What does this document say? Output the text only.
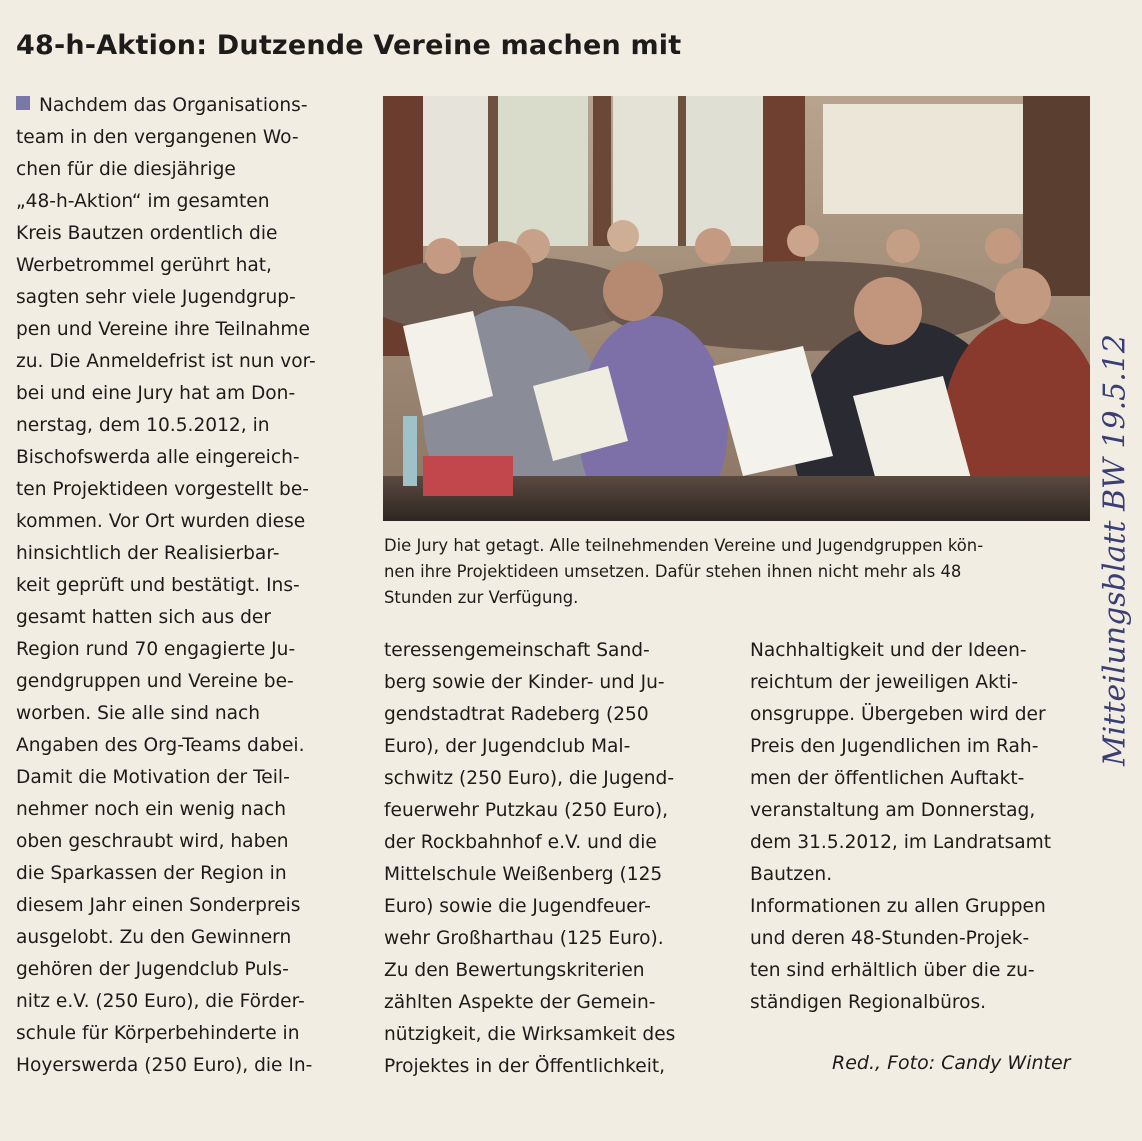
48-h-Aktion: Dutzende Vereine machen mit
Nachdem das Organisations-
team in den vergangenen Wo-
chen für die diesjährige
„48-h-Aktion“ im gesamten
Kreis Bautzen ordentlich die
Werbetrommel gerührt hat,
sagten sehr viele Jugendgrup-
pen und Vereine ihre Teilnahme
zu. Die Anmeldefrist ist nun vor-
bei und eine Jury hat am Don-
nerstag, dem 10.5.2012, in
Bischofswerda alle eingereich-
ten Projektideen vorgestellt be-
kommen. Vor Ort wurden diese
hinsichtlich der Realisierbar-
keit geprüft und bestätigt. Ins-
gesamt hatten sich aus der
Region rund 70 engagierte Ju-
gendgruppen und Vereine be-
worben. Sie alle sind nach
Angaben des Org-Teams dabei.
Damit die Motivation der Teil-
nehmer noch ein wenig nach
oben geschraubt wird, haben
die Sparkassen der Region in
diesem Jahr einen Sonderpreis
ausgelobt. Zu den Gewinnern
gehören der Jugendclub Puls-
nitz e.V. (250 Euro), die Förder-
schule für Körperbehinderte in
Hoyerswerda (250 Euro), die In-
Die Jury hat getagt. Alle teilnehmenden Vereine und Jugendgruppen kön-
nen ihre Projektideen umsetzen. Dafür stehen ihnen nicht mehr als 48
Stunden zur Verfügung.
teressengemeinschaft Sand-
berg sowie der Kinder- und Ju-
gendstadtrat Radeberg (250
Euro), der Jugendclub Mal-
schwitz (250 Euro), die Jugend-
feuerwehr Putzkau (250 Euro),
der Rockbahnhof e.V. und die
Mittelschule Weißenberg (125
Euro) sowie die Jugendfeuer-
wehr Großharthau (125 Euro).
Zu den Bewertungskriterien
zählten Aspekte der Gemein-
nützigkeit, die Wirksamkeit des
Projektes in der Öffentlichkeit,
Nachhaltigkeit und der Ideen-
reichtum der jeweiligen Akti-
onsgruppe. Übergeben wird der
Preis den Jugendlichen im Rah-
men der öffentlichen Auftakt-
veranstaltung am Donnerstag,
dem 31.5.2012, im Landratsamt
Bautzen.
Informationen zu allen Gruppen
und deren 48-Stunden-Projek-
ten sind erhältlich über die zu-
ständigen Regionalbüros.
Red., Foto: Candy Winter
Mitteilungsblatt BW 19.5.12
